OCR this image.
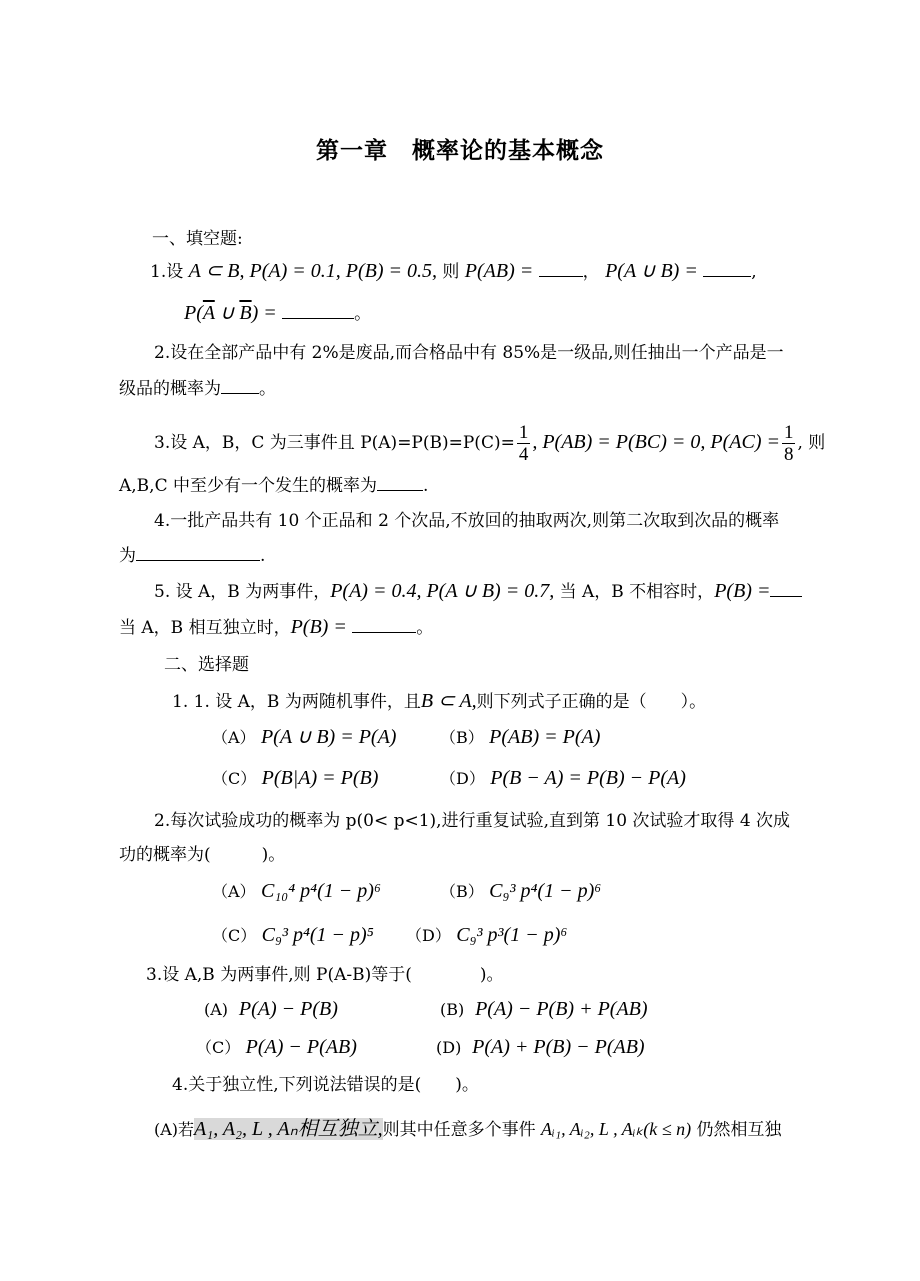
第一章　概率论的基本概念
一、填空题:
1.设 A ⊂ B, P(A) = 0.1, P(B) = 0.5, 则 P(AB) =	， P(A ∪ B) =	,
$P(\overline{A}$ ∪ $\overline{B}$) =	。
2.设在全部产品中有 2%是废品,而合格品中有 85%是一级品,则任抽出一个产品是一
级品的概率为 。
3.设 A，B，C 为三事件且 $P(A)=P(B)=P(C)= \frac{1}{4}$ , P(AB) = P(BC) = 0, $P(AC) = \frac{1}{8}$ , 则
A,B,C 中至少有一个发生的概率为	.
4.一批产品共有 10 个正品和 2 个次品,不放回的抽取两次,则第二次取到次品的概率
为	.
5. 设 A，B 为两事件，P(A) = 0.4, P(A ∪ B) = 0.7, 当 A，B 不相容时，P(B) =
当 A，B 相互独立时，P(B) =	。
二、选择题
1. 1. 设 A，B 为两随机事件，且B ⊂ A,则下列式子正确的是（　　）。
（A） P(A ∪ B) = P(A)	（B） P(AB) = P(A)
（C） P(B|A) = P(B)	（D） P(B − A) = P(B) − P(A)
2.每次试验成功的概率为 p(0< p<1),进行重复试验,直到第 10 次试验才取得 4 次成
功的概率为(　　　)。
（A） C₁₀⁴ p⁴(1 − p)⁶	（B） C₉³ p⁴(1 − p)⁶
（C） C₉³ p⁴(1 − p)⁵ （D） C₉³ p³(1 − p)⁶
3.设 A,B 为两事件,则 P(A-B)等于(　　　　)。
(A) P(A) − P(B)	(B) P(A) − P(B) + P(AB)
（C） P(A) − P(AB)	(D) P(A) + P(B) − P(AB)
4.关于独立性,下列说法错误的是(　　)。
(A)若A₁, A₂, L , Aₙ相互独立,则其中任意多个事件 Aᵢ₁, Aᵢ₂, L , Aᵢₖ(k ≤ n) 仍然相互独
